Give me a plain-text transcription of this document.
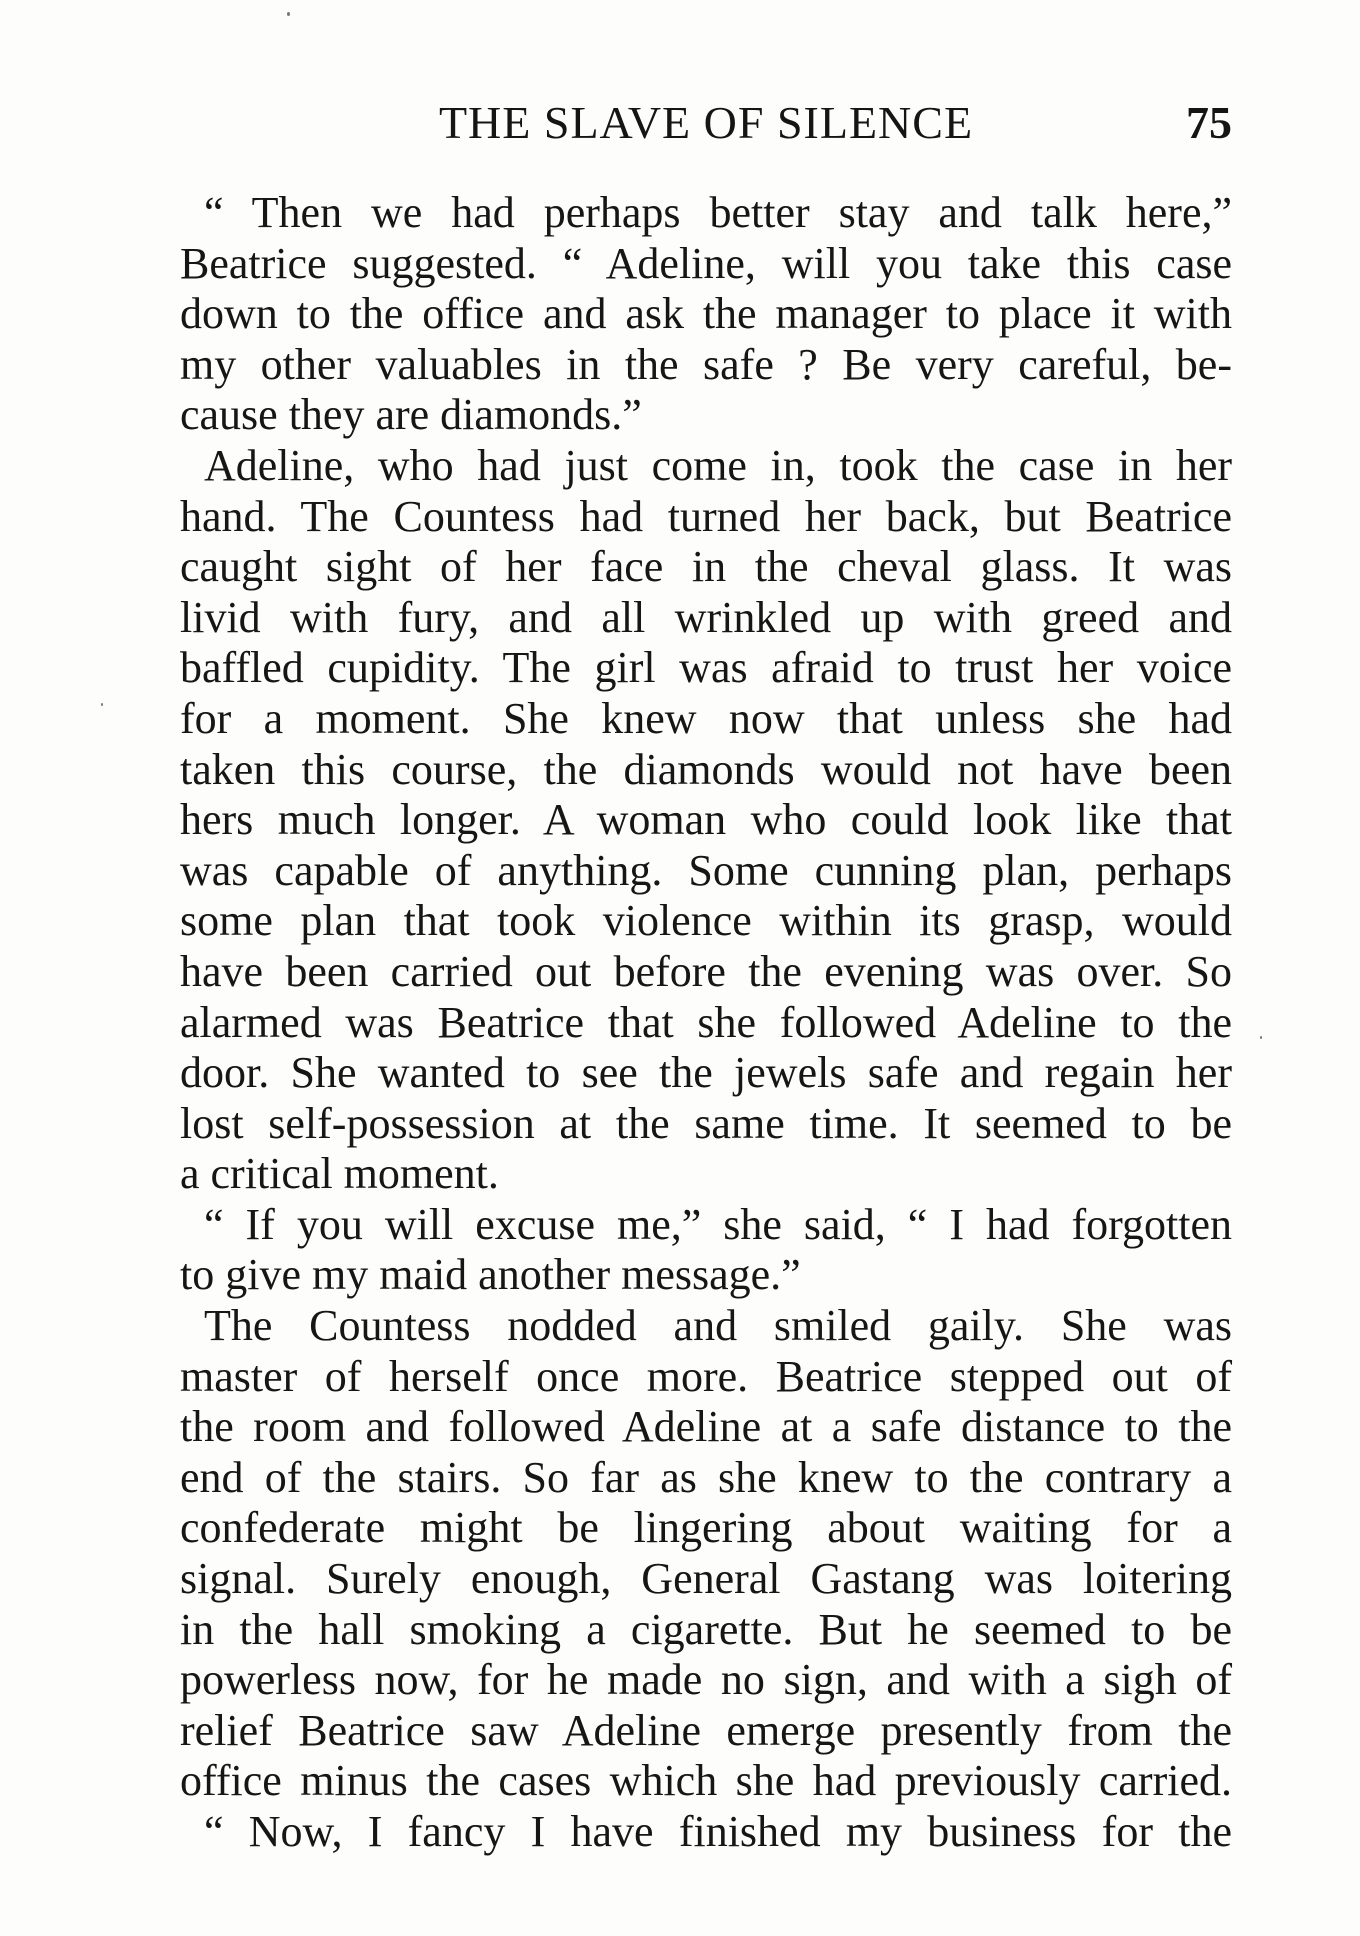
THE SLAVE OF SILENCE	75
“ Then we had perhaps better stay and talk here,”
Beatrice suggested. “ Adeline, will you take this case
down to the office and ask the manager to place it with
my other valuables in the safe ? Be very careful, be-
cause they are diamonds.”
Adeline, who had just come in, took the case in her
hand. The Countess had turned her back, but Beatrice
caught sight of her face in the cheval glass. It was
livid with fury, and all wrinkled up with greed and
baffled cupidity. The girl was afraid to trust her voice
for a moment. She knew now that unless she had
taken this course, the diamonds would not have been
hers much longer. A woman who could look like that
was capable of anything. Some cunning plan, perhaps
some plan that took violence within its grasp, would
have been carried out before the evening was over. So
alarmed was Beatrice that she followed Adeline to the
door. She wanted to see the jewels safe and regain her
lost self-possession at the same time. It seemed to be
a critical moment.
“ If you will excuse me,” she said, “ I had forgotten
to give my maid another message.”
The Countess nodded and smiled gaily. She was
master of herself once more. Beatrice stepped out of
the room and followed Adeline at a safe distance to the
end of the stairs. So far as she knew to the contrary a
confederate might be lingering about waiting for a
signal. Surely enough, General Gastang was loitering
in the hall smoking a cigarette. But he seemed to be
powerless now, for he made no sign, and with a sigh of
relief Beatrice saw Adeline emerge presently from the
office minus the cases which she had previously carried.
“ Now, I fancy I have finished my business for the
